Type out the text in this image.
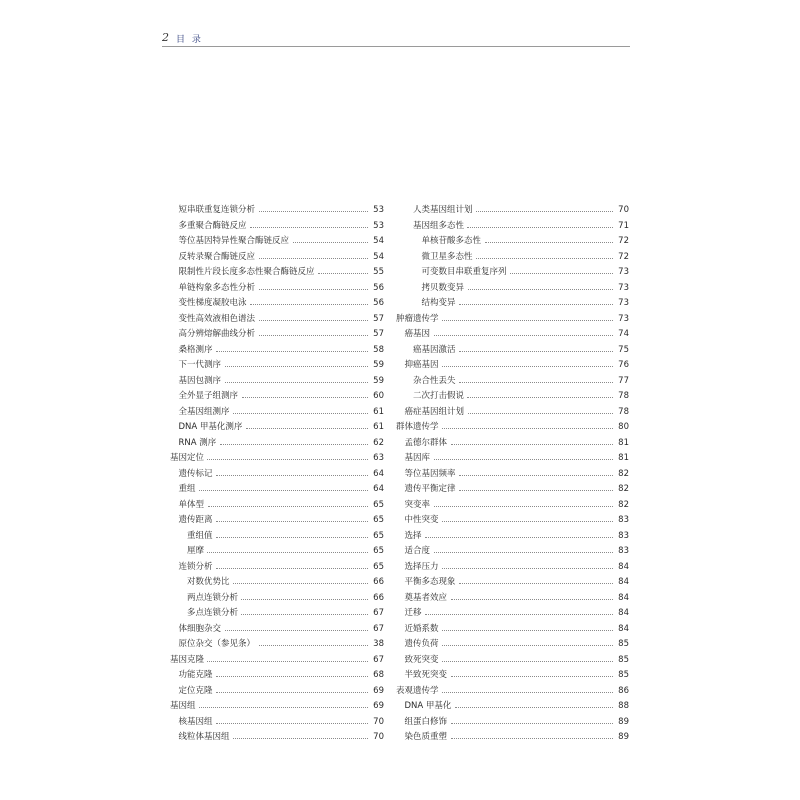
2 目 录
短串联重复连锁分析	53
多重聚合酶链反应	53
等位基因特异性聚合酶链反应	54
反转录聚合酶链反应	54
限制性片段长度多态性聚合酶链反应	55
单链构象多态性分析	56
变性梯度凝胶电泳	56
变性高效液相色谱法	57
高分辨熔解曲线分析	57
桑格测序	58
下一代测序	59
基因包测序	59
全外显子组测序	60
全基因组测序	61
DNA 甲基化测序	61
RNA 测序	62
基因定位	63
遗传标记	64
重组	64
单体型	65
遗传距离	65
重组值	65
厘摩	65
连锁分析	65
对数优势比	66
两点连锁分析	66
多点连锁分析	67
体细胞杂交	67
原位杂交（参见条）	38
基因克隆	67
功能克隆	68
定位克隆	69
基因组	69
核基因组	70
线粒体基因组	70
人类基因组计划	70
基因组多态性	71
单核苷酸多态性	72
微卫星多态性	72
可变数目串联重复序列	73
拷贝数变异	73
结构变异	73
肿瘤遗传学	73
癌基因	74
癌基因激活	75
抑癌基因	76
杂合性丢失	77
二次打击假说	78
癌症基因组计划	78
群体遗传学	80
孟德尔群体	81
基因库	81
等位基因频率	82
遗传平衡定律	82
突变率	82
中性突变	83
选择	83
适合度	83
选择压力	84
平衡多态现象	84
奠基者效应	84
迁移	84
近婚系数	84
遗传负荷	85
致死突变	85
半致死突变	85
表观遗传学	86
DNA 甲基化	88
组蛋白修饰	89
染色质重塑	89
